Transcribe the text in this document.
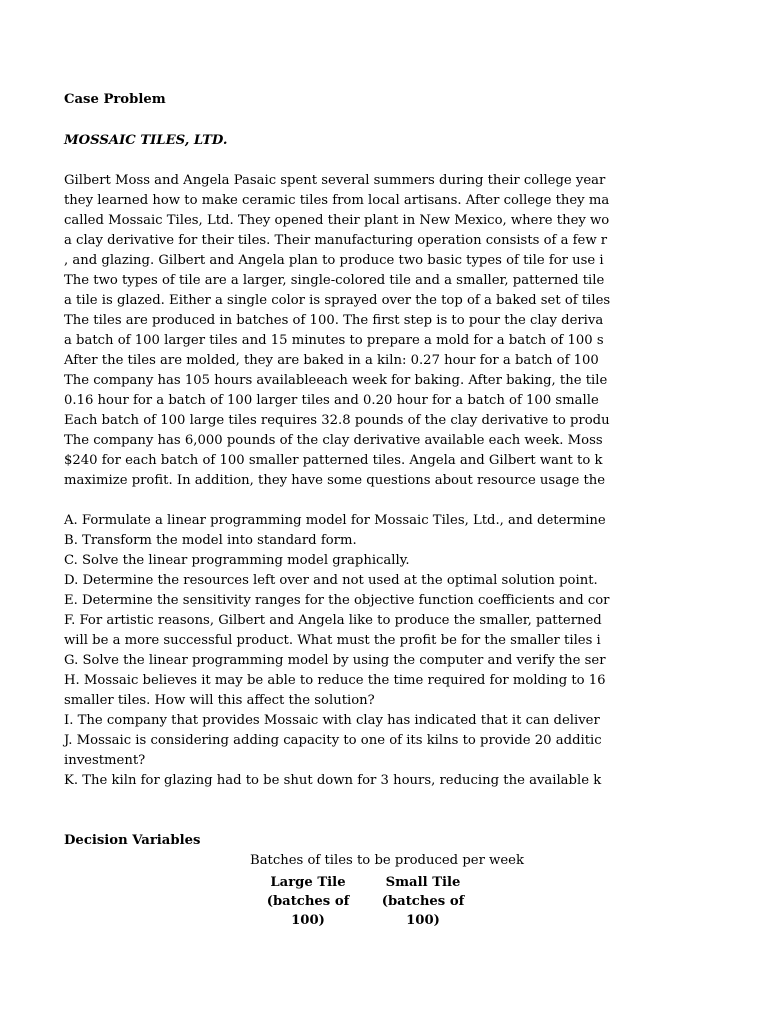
Case Problem
MOSSAIC TILES, LTD.
Gilbert Moss and Angela Pasaic spent several summers during their college year
they learned how to make ceramic tiles from local artisans. After college they ma
called Mossaic Tiles, Ltd. They opened their plant in New Mexico, where they wo
a clay derivative for their tiles. Their manufacturing operation consists of a few r
, and glazing. Gilbert and Angela plan to produce two basic types of tile for use i
The two types of tile are a larger, single-colored tile and a smaller, patterned tile
a tile is glazed. Either a single color is sprayed over the top of a baked set of tiles
The tiles are produced in batches of 100. The first step is to pour the clay deriva
a batch of 100 larger tiles and 15 minutes to prepare a mold for a batch of 100 s
After the tiles are molded, they are baked in a kiln: 0.27 hour for a batch of 100
The company has 105 hours availableeach week for baking. After baking, the tile
0.16 hour for a batch of 100 larger tiles and 0.20 hour for a batch of 100 smalle
Each batch of 100 large tiles requires 32.8 pounds of the clay derivative to produ
The company has 6,000 pounds of the clay derivative available each week. Moss
$240 for each batch of 100 smaller patterned tiles. Angela and Gilbert want to k
maximize profit. In addition, they have some questions about resource usage the
A. Formulate a linear programming model for Mossaic Tiles, Ltd., and determine
B. Transform the model into standard form.
C. Solve the linear programming model graphically.
D. Determine the resources left over and not used at the optimal solution point.
E. Determine the sensitivity ranges for the objective function coefficients and cor
F. For artistic reasons, Gilbert and Angela like to produce the smaller, patterned
will be a more successful product. What must the profit be for the smaller tiles i
G. Solve the linear programming model by using the computer and verify the ser
H. Mossaic believes it may be able to reduce the time required for molding to 16
smaller tiles. How will this affect the solution?
I. The company that provides Mossaic with clay has indicated that it can deliver
J. Mossaic is considering adding capacity to one of its kilns to provide 20 additic
investment?
K. The kiln for glazing had to be shut down for 3 hours, reducing the available k
Decision Variables
Batches of tiles to be produced per week
Large Tile
(batches of
100)
Small Tile
(batches of
100)
